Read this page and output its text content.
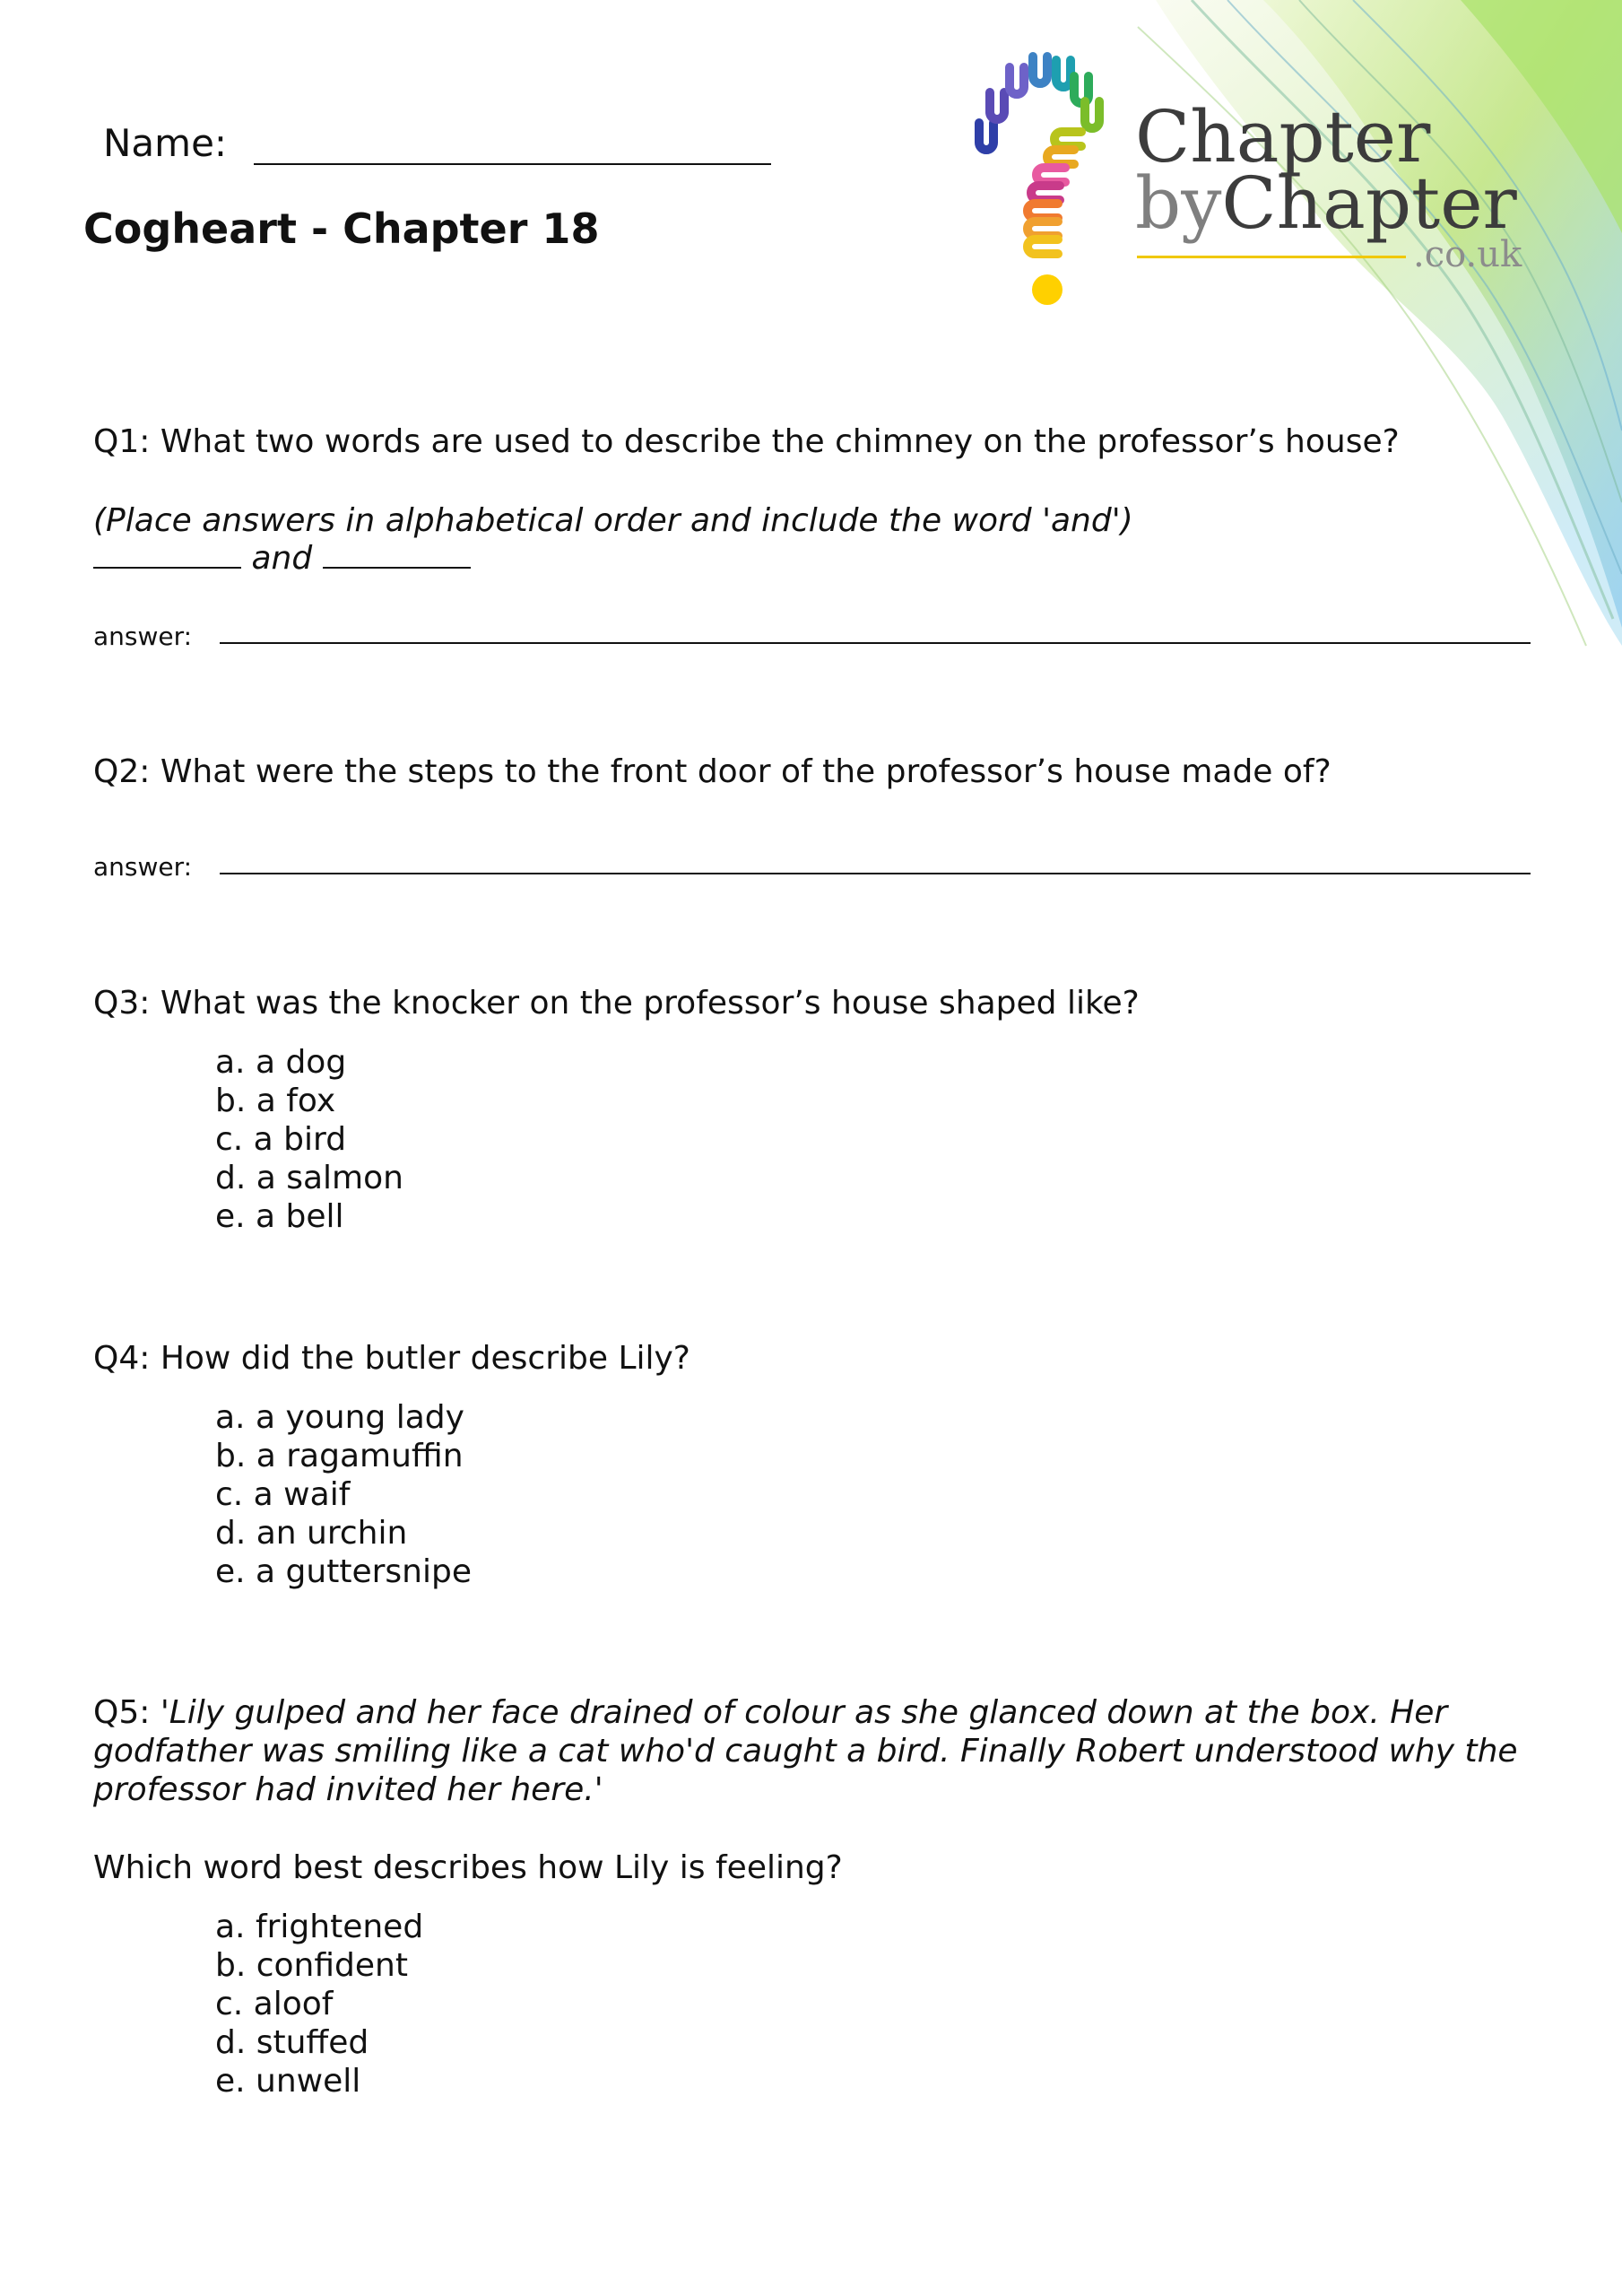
Chapter
byChapter
.co.uk
Name:
Cogheart - Chapter 18
Q1: What two words are used to describe the chimney on the professor’s house?
(Place answers in alphabetical order and include the word 'and')
and
answer:
Q2: What were the steps to the front door of the professor’s house made of?
answer:
Q3: What was the knocker on the professor’s house shaped like?
a. a dog
b. a fox
c. a bird
d. a salmon
e. a bell
Q4: How did the butler describe Lily?
a. a young lady
b. a ragamuffin
c. a waif
d. an urchin
e. a guttersnipe
Q5: 'Lily gulped and her face drained of colour as she glanced down at the box. Her godfather was smiling like a cat who'd caught a bird. Finally Robert understood why the professor had invited her here.'
Which word best describes how Lily is feeling?
a. frightened
b. confident
c. aloof
d. stuffed
e. unwell
